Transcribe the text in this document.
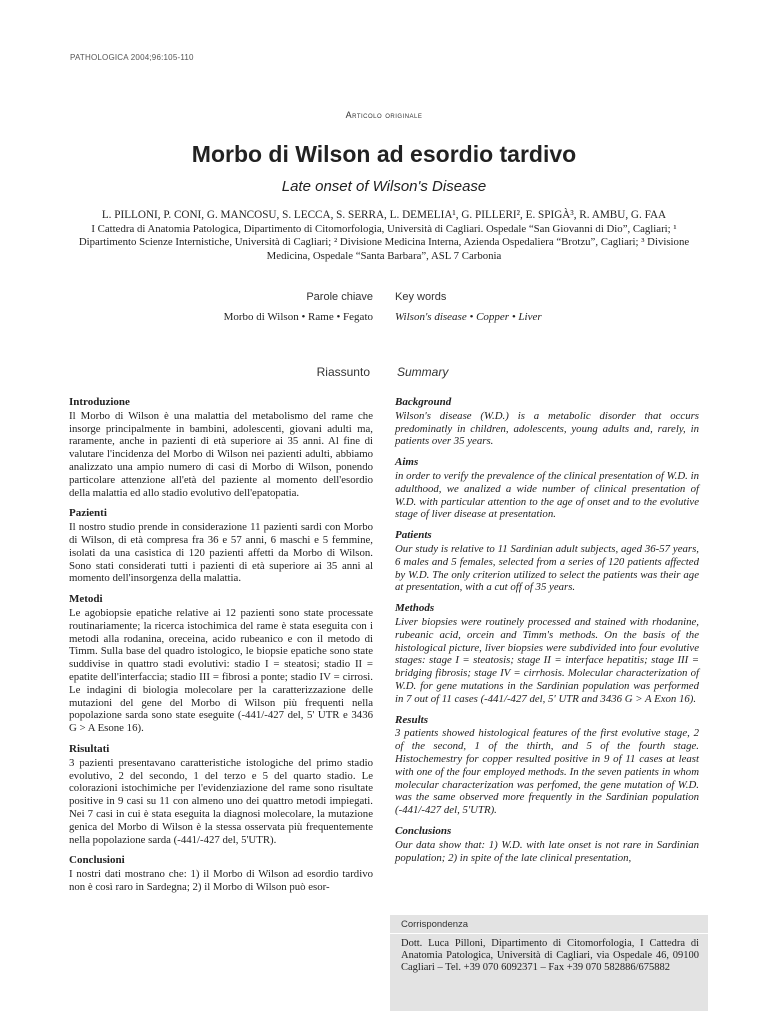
PATHOLOGICA 2004;96:105-110
Articolo originale
Morbo di Wilson ad esordio tardivo
Late onset of Wilson's Disease
L. PILLONI, P. CONI, G. MANCOSU, S. LECCA, S. SERRA, L. DEMELIA¹, G. PILLERI², E. SPIGÀ³, R. AMBU, G. FAA
I Cattedra di Anatomia Patologica, Dipartimento di Citomorfologia, Università di Cagliari. Ospedale “San Giovanni di Dio”, Cagliari; ¹ Dipartimento Scienze Internistiche, Università di Cagliari; ² Divisione Medicina Interna, Azienda Ospedaliera “Brotzu”, Cagliari; ³ Divisione Medicina, Ospedale “Santa Barbara”, ASL 7 Carbonia
Parole chiave Key words
Morbo di Wilson • Rame • Fegato Wilson's disease • Copper • Liver
Riassunto Summary
Introduzione

Il Morbo di Wilson è una malattia del metabolismo del rame che insorge principalmente in bambini, adolescenti, giovani adulti ma, raramente, anche in pazienti di età superiore ai 35 anni. Al fine di valutare l'incidenza del Morbo di Wilson nei pazienti adulti, abbiamo analizzato una ampio numero di casi di Morbo di Wilson, ponendo particolare attenzione all'età del paziente al momento dell'esordio della malattia ed allo stadio evolutivo dell'epatopatia.

Pazienti

Il nostro studio prende in considerazione 11 pazienti sardi con Morbo di Wilson, di età compresa fra 36 e 57 anni, 6 maschi e 5 femmine, isolati da una casistica di 120 pazienti affetti da Morbo di Wilson. Sono stati considerati tutti i pazienti di età superiore ai 35 anni al momento dell'insorgenza della malattia.

Metodi

Le agobiopsie epatiche relative ai 12 pazienti sono state processate routinariamente; la ricerca istochimica del rame è stata eseguita con i metodi alla rodanina, oreceina, acido rubeanico e con il metodo di Timm. Sulla base del quadro istologico, le biopsie epatiche sono state suddivise in quattro stadi evolutivi: stadio I = steatosi; stadio II = epatite dell'interfaccia; stadio III = fibrosi a ponte; stadio IV = cirrosi. Le indagini di biologia molecolare per la caratterizzazione delle mutazioni del gene del Morbo di Wilson più frequenti nella popolazione sarda sono state eseguite (-441/-427 del, 5' UTR e 3436 G > A Esone 16).

Risultati

3 pazienti presentavano caratteristiche istologiche del primo stadio evolutivo, 2 del secondo, 1 del terzo e 5 del quarto stadio. Le colorazioni istochimiche per l'evidenziazione del rame sono risultate positive in 9 casi su 11 con almeno uno dei quattro metodi impiegati. Nei 7 casi in cui è stata eseguita la diagnosi molecolare, la mutazione genica del Morbo di Wilson è la stessa osservata più frequentemente nella popolazione sarda (-441/-427 del, 5'UTR).

Conclusioni

I nostri dati mostrano che: 1) il Morbo di Wilson ad esordio tardivo non è così raro in Sardegna; 2) il Morbo di Wilson può esor-

Background

Wilson's disease (W.D.) is a metabolic disorder that occurs predominatly in children, adolescents, young adults and, rarely, in patients over 35 years.

Aims

in order to verify the prevalence of the clinical presentation of W.D. in adulthood, we analized a wide number of clinical presentation of W.D. with particular attention to the age of onset and to the evolutive stage of liver disease at presentation.

Patients

Our study is relative to 11 Sardinian adult subjects, aged 36-57 years, 6 males and 5 females, selected from a series of 120 patients affected by W.D. The only criterion utilized to select the patients was their age at presentation, with a cut off of 35 years.

Methods

Liver biopsies were routinely processed and stained with rhodanine, rubeanic acid, orcein and Timm's methods. On the basis of the histological picture, liver biopsies were subdivided into four evolutive stages: stage I = steatosis; stage II = interface hepatitis; stage III = bridging fibrosis; stage IV = cirrhosis. Molecular characterization of W.D. for gene mutations in the Sardinian population was performed in 7 out of 11 cases (-441/-427 del, 5' UTR and 3436 G > A Exon 16).

Results

3 patients showed histological features of the first evolutive stage, 2 of the second, 1 of the thirth, and 5 of the fourth stage. Histochemestry for copper resulted positive in 9 of 11 cases at least with one of the four employed methods. In the seven patients in whom molecular characterization was perfomed, the gene mutation of W.D. was the same observed more frequently in the Sardinian population (-441/-427 del, 5'UTR).

Conclusions

Our data show that: 1) W.D. with late onset is not rare in Sardinian population; 2) in spite of the late clinical presentation,

Corrispondenza
Dott. Luca Pilloni, Dipartimento di Citomorfologia, I Cattedra di Anatomia Patologica, Università di Cagliari, via Ospedale 46, 09100 Cagliari – Tel. +39 070 6092371 – Fax +39 070 582886/675882
